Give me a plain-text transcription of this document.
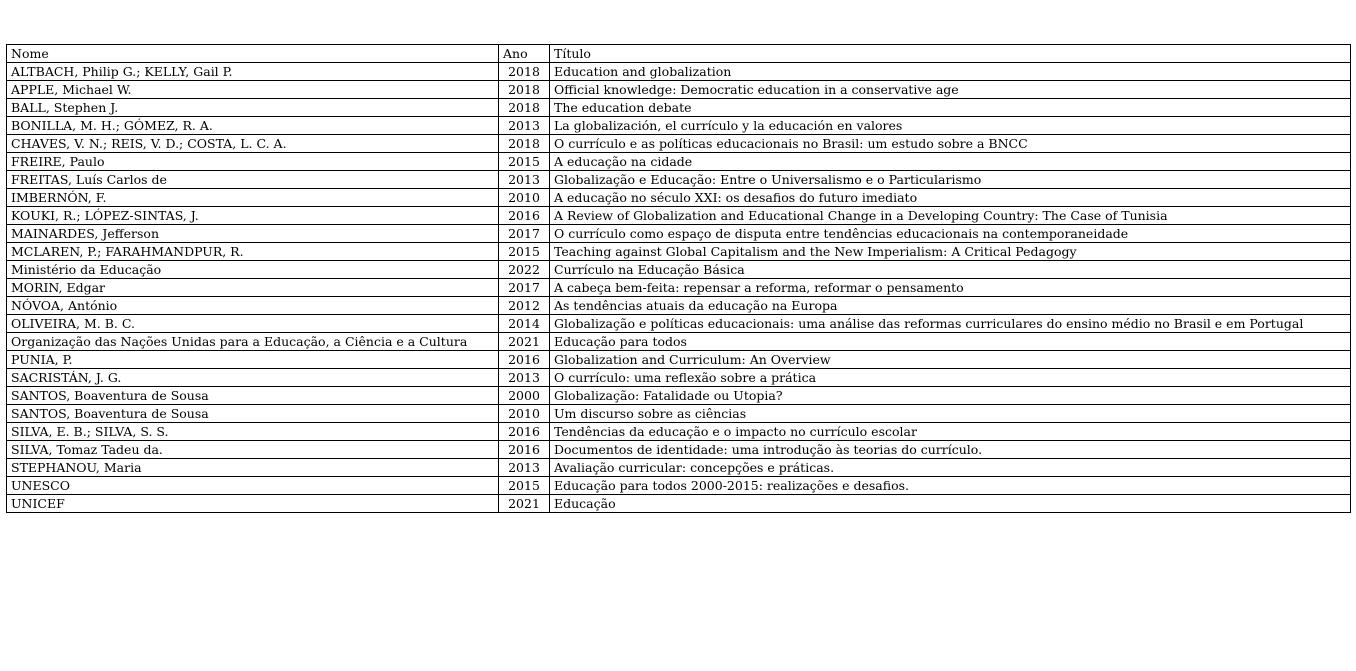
Nome	Ano	Título
ALTBACH, Philip G.; KELLY, Gail P.	2018	Education and globalization
APPLE, Michael W.	2018	Official knowledge: Democratic education in a conservative age
BALL, Stephen J.	2018	The education debate
BONILLA, M. H.; GÓMEZ, R. A.	2013	La globalización, el currículo y la educación en valores
CHAVES, V. N.; REIS, V. D.; COSTA, L. C. A.	2018	O currículo e as políticas educacionais no Brasil: um estudo sobre a BNCC
FREIRE, Paulo	2015	A educação na cidade
FREITAS, Luís Carlos de	2013	Globalização e Educação: Entre o Universalismo e o Particularismo
IMBERNÓN, F.	2010	A educação no século XXI: os desafios do futuro imediato
KOUKI, R.; LÓPEZ-SINTAS, J.	2016	A Review of Globalization and Educational Change in a Developing Country: The Case of Tunisia
MAINARDES, Jefferson	2017	O currículo como espaço de disputa entre tendências educacionais na contemporaneidade
MCLAREN, P.; FARAHMANDPUR, R.	2015	Teaching against Global Capitalism and the New Imperialism: A Critical Pedagogy
Ministério da Educação	2022	Currículo na Educação Básica
MORIN, Edgar	2017	A cabeça bem-feita: repensar a reforma, reformar o pensamento
NÓVOA, António	2012	As tendências atuais da educação na Europa
OLIVEIRA, M. B. C.	2014	Globalização e políticas educacionais: uma análise das reformas curriculares do ensino médio no Brasil e em Portugal
Organização das Nações Unidas para a Educação, a Ciência e a Cultura	2021	Educação para todos
PUNIA, P.	2016	Globalization and Curriculum: An Overview
SACRISTÁN, J. G.	2013	O currículo: uma reflexão sobre a prática
SANTOS, Boaventura de Sousa	2000	Globalização: Fatalidade ou Utopia?
SANTOS, Boaventura de Sousa	2010	Um discurso sobre as ciências
SILVA, E. B.; SILVA, S. S.	2016	Tendências da educação e o impacto no currículo escolar
SILVA, Tomaz Tadeu da.	2016	Documentos de identidade: uma introdução às teorias do currículo.
STEPHANOU, Maria	2013	Avaliação curricular: concepções e práticas.
UNESCO	2015	Educação para todos 2000-2015: realizações e desafios.
UNICEF	2021	Educação
